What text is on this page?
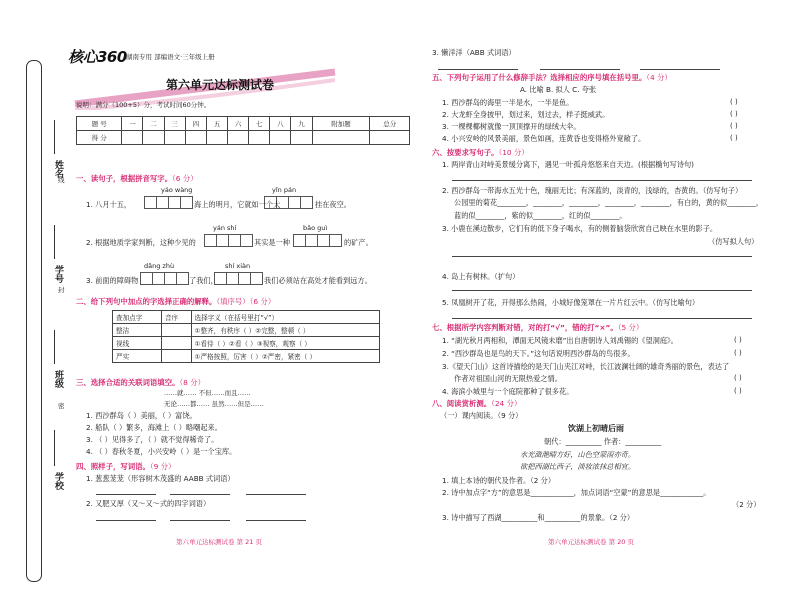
姓名
学号
班级
学校
线
封
密
核心360 湖南专用 部编语文·三年级上册
第六单元达标测试卷
说明：满分（100+5）分，考试时间60分钟。
题 号	一	二	三	四	五	六	七	八	九	附加题	总分
得 分											
一、读句子，根据拼音写字。（6 分）
yáo wàng	yǐn pán
1. 八月十五，	海上的明月，它就如一个大	挂在夜空。
yán shí	bǎo guì
2. 根据地质学家判断，这种少见的	其实是一种	的矿产。
dǎng zhù	shí xiàn
3. 前面的障碍物	了我们，	我们必须站在高处才能看到远方。
二、给下列句中加点的字选择正确的解释。（填序号）（6 分）
查加点字	音序	选择字义（在括号里打“√”）
整洁		①整齐，有秩序（ ）②完整，整顿（ ）
视线		①看待（ ）②看（ ）③视察，观察（ ）
严实		①严格按照，厉害（ ）②严密，紧密（ ）
三、选择合适的关联词语填空。（8 分）
……就…… 不但……而且……
无论……都…… 虽然……但是……
1. 西沙群岛（ ）美丽，（ ）富饶。
2. 船队（ ）繁多，海滩上（ ）略嘲起来。
3. （ ）见得多了，（ ）就不觉得稀奇了。
4. （ ）春秋冬夏，小兴安岭（ ）是一个宝库。
四、照样子，写词语。（9 分）
1. 葱葱茏茏（形容树木茂盛的 AABB 式词语）
2. 又肥又厚（又～又～式的四字词语）
第六单元达标测试卷 第 21 页
3. 懒洋洋（ABB 式词语）
五、下列句子运用了什么修辞手法？选择相应的序号填在括号里。（4 分）
A. 比喻 B. 拟人 C. 夸张
1. 西沙群岛的海里一半是水，一半是鱼。	( )
2. 大龙虾全身披甲，划过来，划过去，样子挺威武。	( )
3. 一棵棵椰树就像一顶顶撑开的绿绒大伞。	( )
4. 小兴安岭的风景美丽，景色如画，连黄昏也变得格外宽敞了。	( )
六、按要求写句子。（10 分）
1. 两岸青山对峙美景缓分离下，遇见一叶孤舟悠悠来自天边。(根据椭句写诗句)
2. 西沙群岛一带海水五光十色，瑰丽无比；有深蓝的，淡青的，浅绿的，杏黄的。（仿写句子）
公园里的菊花________，________，________，________，________，有白的，黄的似________，
蓝的似________，紫的似________，红的似________。
3. 小鹿在溪边散步，它们有的低下身子喝水，有的侧着脑袋欣赏自己映在水里的影子。
（仿写拟人句）
4. 岛上有树林。（扩句）
5. 凤凰树开了花，开得那么热闹，小城好像笼罩在一片片红云中。（仿写比喻句）
七、根据所学内容判断对错，对的打“√”，错的打“×”。（5 分）
1. “湖光秋月两相和，潭面无风镜未磨”出自唐朝诗人刘禹锡的《望洞庭》。	( )
2. “西沙群岛也是鸟的天下。”这句话说明西沙群岛的鸟很多。	( )
3.《望天门山》这首诗描绘的是天门山夹江对峙，长江波澜壮阔的雄奇秀丽的景色，表达了
作者对祖国山河的无限热爱之情。	( )
4. 海滨小城里与一个庭院都种了很多花。	( )
八、阅读赏析测。（24 分）
（一）课内阅读。（9 分）
饮湖上初晴后雨
朝代：__________ 作者：__________
水光潋滟晴方好，山色空蒙雨亦奇。
欲把西湖比西子，淡妆浓抹总相宜。
1. 填上本诗的朝代及作者。（2 分）
2. 诗中加点字“方”的意思是____________，加点词语“空蒙”的意思是____________。
（2 分）
3. 诗中描写了西湖__________和__________的景象。（2 分）
第六单元达标测试卷 第 20 页
